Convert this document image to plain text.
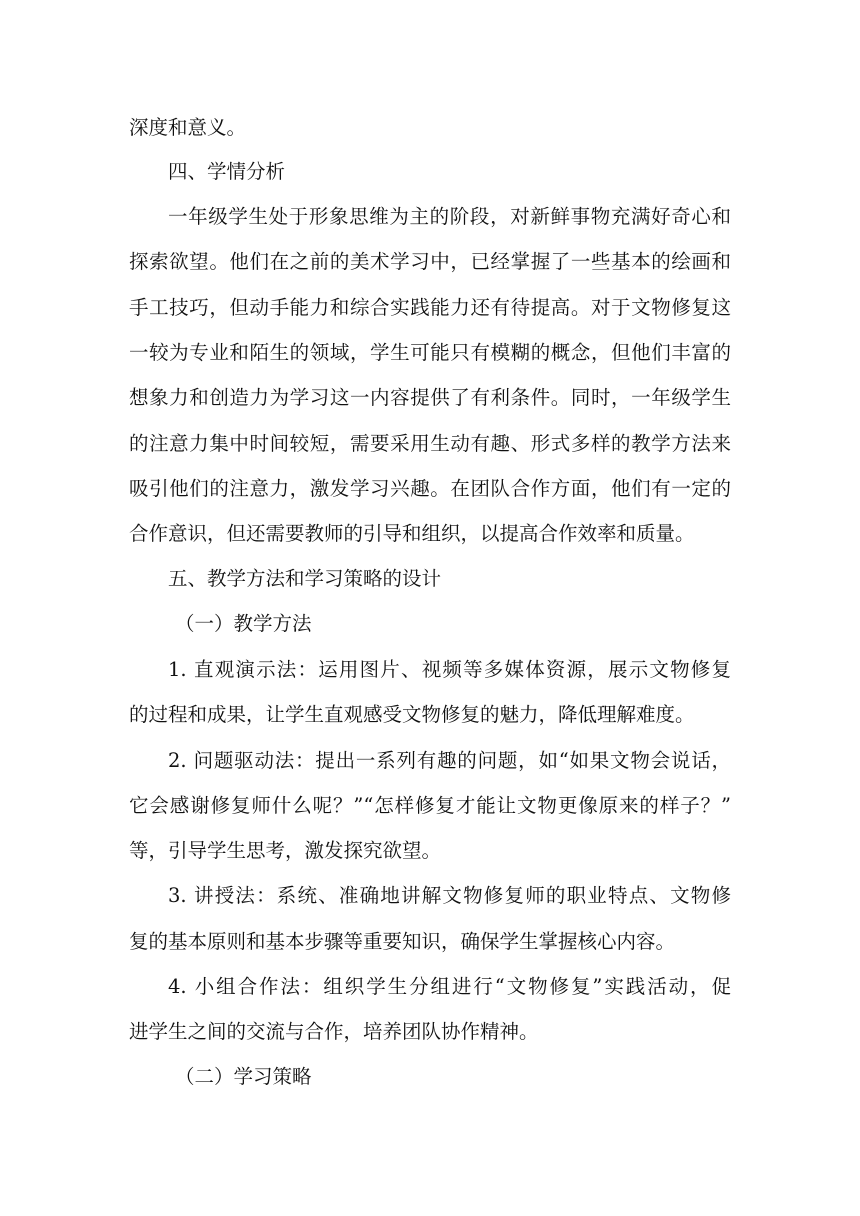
深度和意义。
四、学情分析
一年级学生处于形象思维为主的阶段，对新鲜事物充满好奇心和
探索欲望。他们在之前的美术学习中，已经掌握了一些基本的绘画和
手工技巧，但动手能力和综合实践能力还有待提高。对于文物修复这
一较为专业和陌生的领域，学生可能只有模糊的概念，但他们丰富的
想象力和创造力为学习这一内容提供了有利条件。同时，一年级学生
的注意力集中时间较短，需要采用生动有趣、形式多样的教学方法来
吸引他们的注意力，激发学习兴趣。在团队合作方面，他们有一定的
合作意识，但还需要教师的引导和组织，以提高合作效率和质量。
五、教学方法和学习策略的设计
（一）教学方法
1. 直观演示法：运用图片、视频等多媒体资源，展示文物修复
的过程和成果，让学生直观感受文物修复的魅力，降低理解难度。
2. 问题驱动法：提出一系列有趣的问题，如“如果文物会说话，
它会感谢修复师什么呢？”“怎样修复才能让文物更像原来的样子？”
等，引导学生思考，激发探究欲望。
3. 讲授法：系统、准确地讲解文物修复师的职业特点、文物修
复的基本原则和基本步骤等重要知识，确保学生掌握核心内容。
4. 小组合作法：组织学生分组进行“文物修复”实践活动，促
进学生之间的交流与合作，培养团队协作精神。
（二）学习策略
